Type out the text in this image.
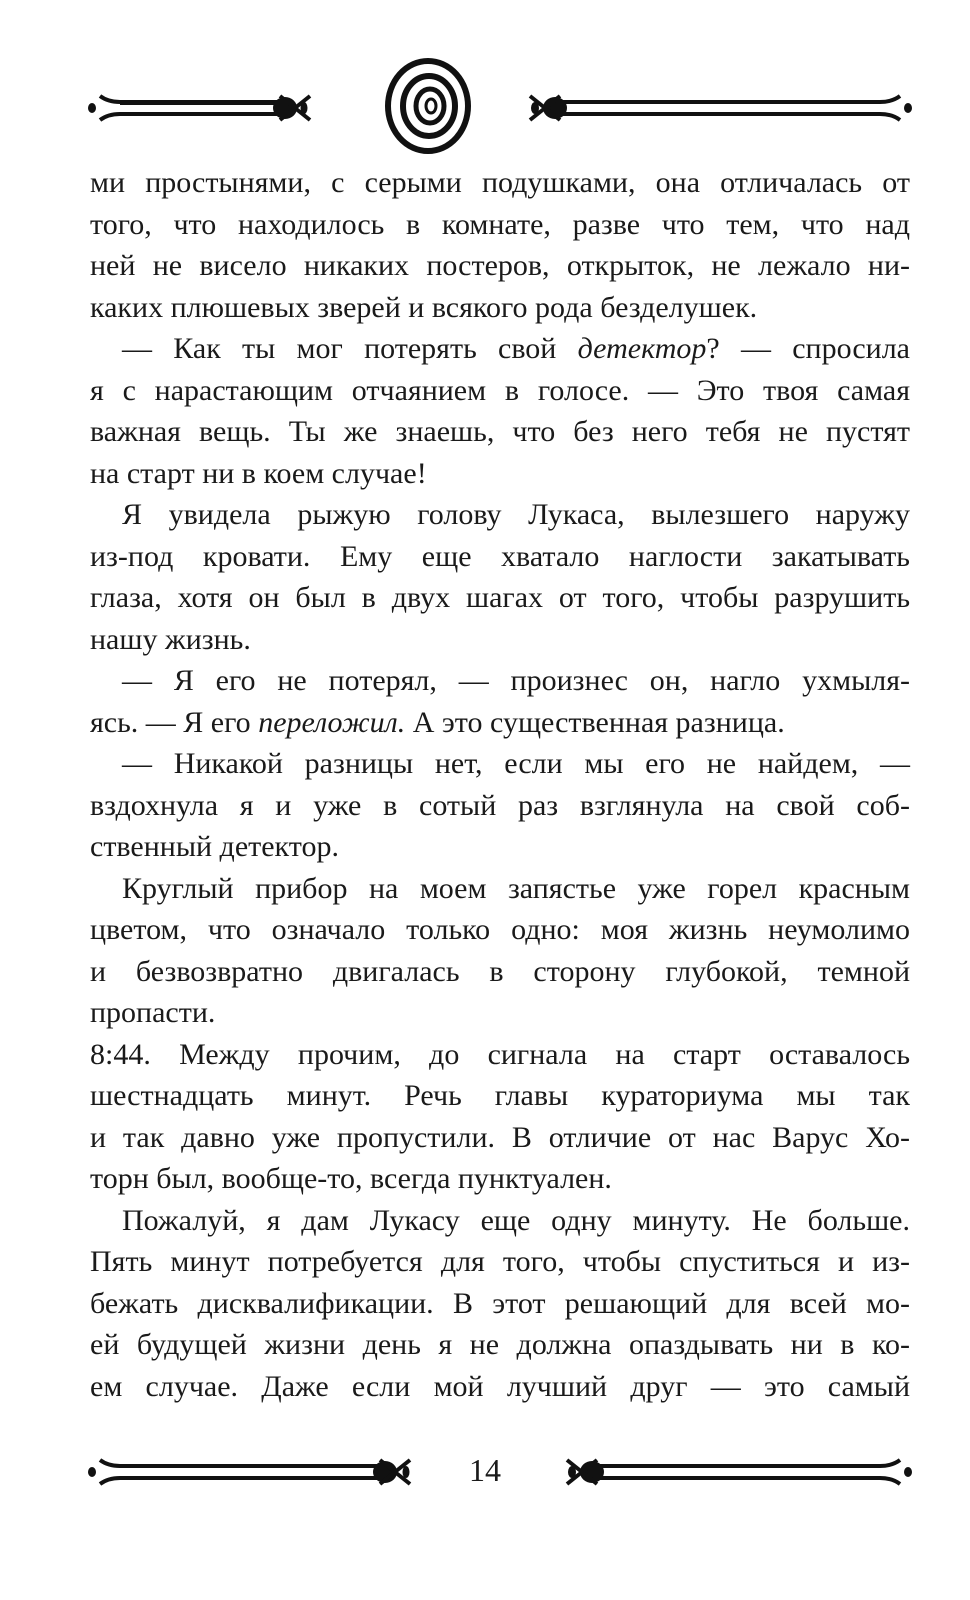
ми простынями, с серыми подушками, она отличалась от
того, что находилось в комнате, разве что тем, что над
ней не висело никаких постеров, открыток, не лежало ни-
каких плюшевых зверей и всякого рода безделушек.
— Как ты мог потерять свой детектор? — спросила
я с нарастающим отчаянием в голосе. — Это твоя самая
важная вещь. Ты же знаешь, что без него тебя не пустят
на старт ни в коем случае!
Я увидела рыжую голову Лукаса, вылезшего наружу
из-под кровати. Ему еще хватало наглости закатывать
глаза, хотя он был в двух шагах от того, чтобы разрушить
нашу жизнь.
— Я его не потерял, — произнес он, нагло ухмыля-
ясь. — Я его переложил. А это существенная разница.
— Никакой разницы нет, если мы его не найдем, —
вздохнула я и уже в сотый раз взглянула на свой соб-
ственный детектор.
Круглый прибор на моем запястье уже горел красным
цветом, что означало только одно: моя жизнь неумолимо
и безвозвратно двигалась в сторону глубокой, темной
пропасти.
8:44. Между прочим, до сигнала на старт оставалось
шестнадцать минут. Речь главы кураториума мы так
и так давно уже пропустили. В отличие от нас Варус Хо-
торн был, вообще-то, всегда пунктуален.
Пожалуй, я дам Лукасу еще одну минуту. Не больше.
Пять минут потребуется для того, чтобы спуститься и из-
бежать дисквалификации. В этот решающий для всей мо-
ей будущей жизни день я не должна опаздывать ни в ко-
ем случае. Даже если мой лучший друг — это самый
14
